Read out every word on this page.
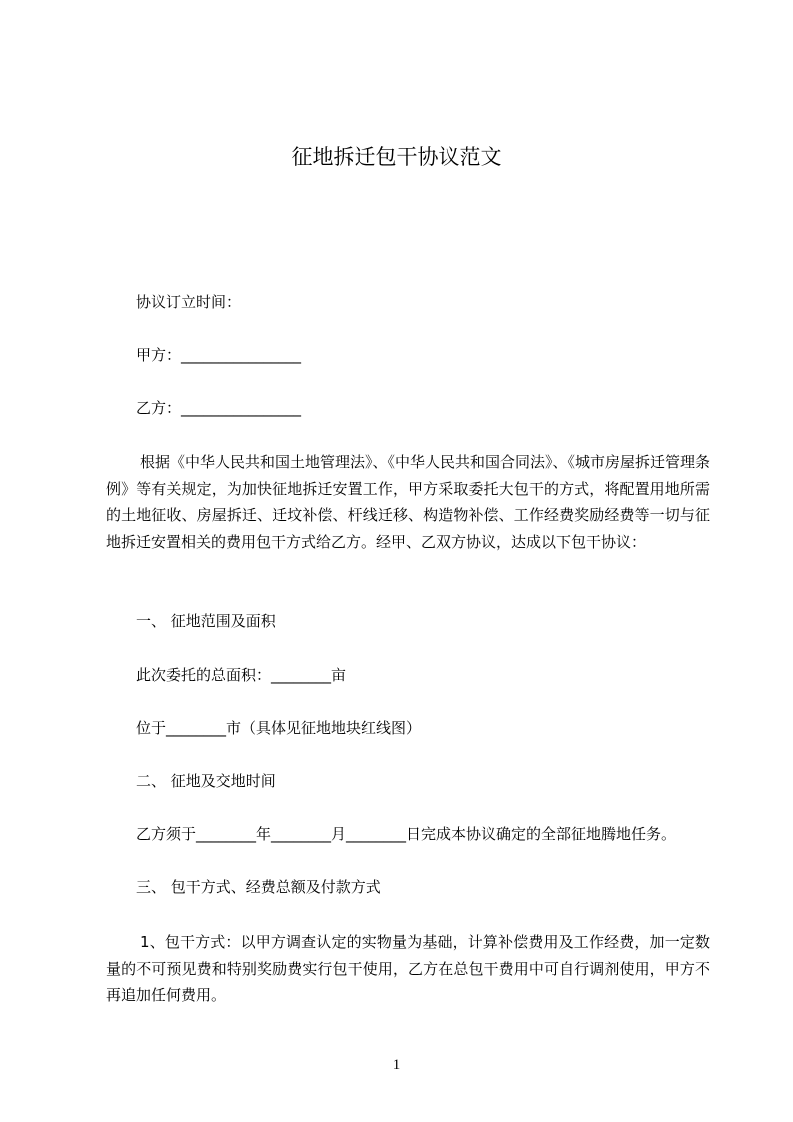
征地拆迁包干协议范文
协议订立时间：
甲方：________________
乙方：________________
根据《中华人民共和国土地管理法》、《中华人民共和国合同法》、《城市房屋拆迁管理条例》等有关规定，为加快征地拆迁安置工作，甲方采取委托大包干的方式，将配置用地所需的土地征收、房屋拆迁、迁坟补偿、杆线迁移、构造物补偿、工作经费奖励经费等一切与征地拆迁安置相关的费用包干方式给乙方。经甲、乙双方协议，达成以下包干协议：
一、 征地范围及面积
此次委托的总面积：________亩
位于________市（具体见征地地块红线图）
二、 征地及交地时间
乙方须于________年________月________日完成本协议确定的全部征地腾地任务。
三、 包干方式、经费总额及付款方式
1、包干方式：以甲方调查认定的实物量为基础，计算补偿费用及工作经费，加一定数量的不可预见费和特别奖励费实行包干使用，乙方在总包干费用中可自行调剂使用，甲方不再追加任何费用。
1
